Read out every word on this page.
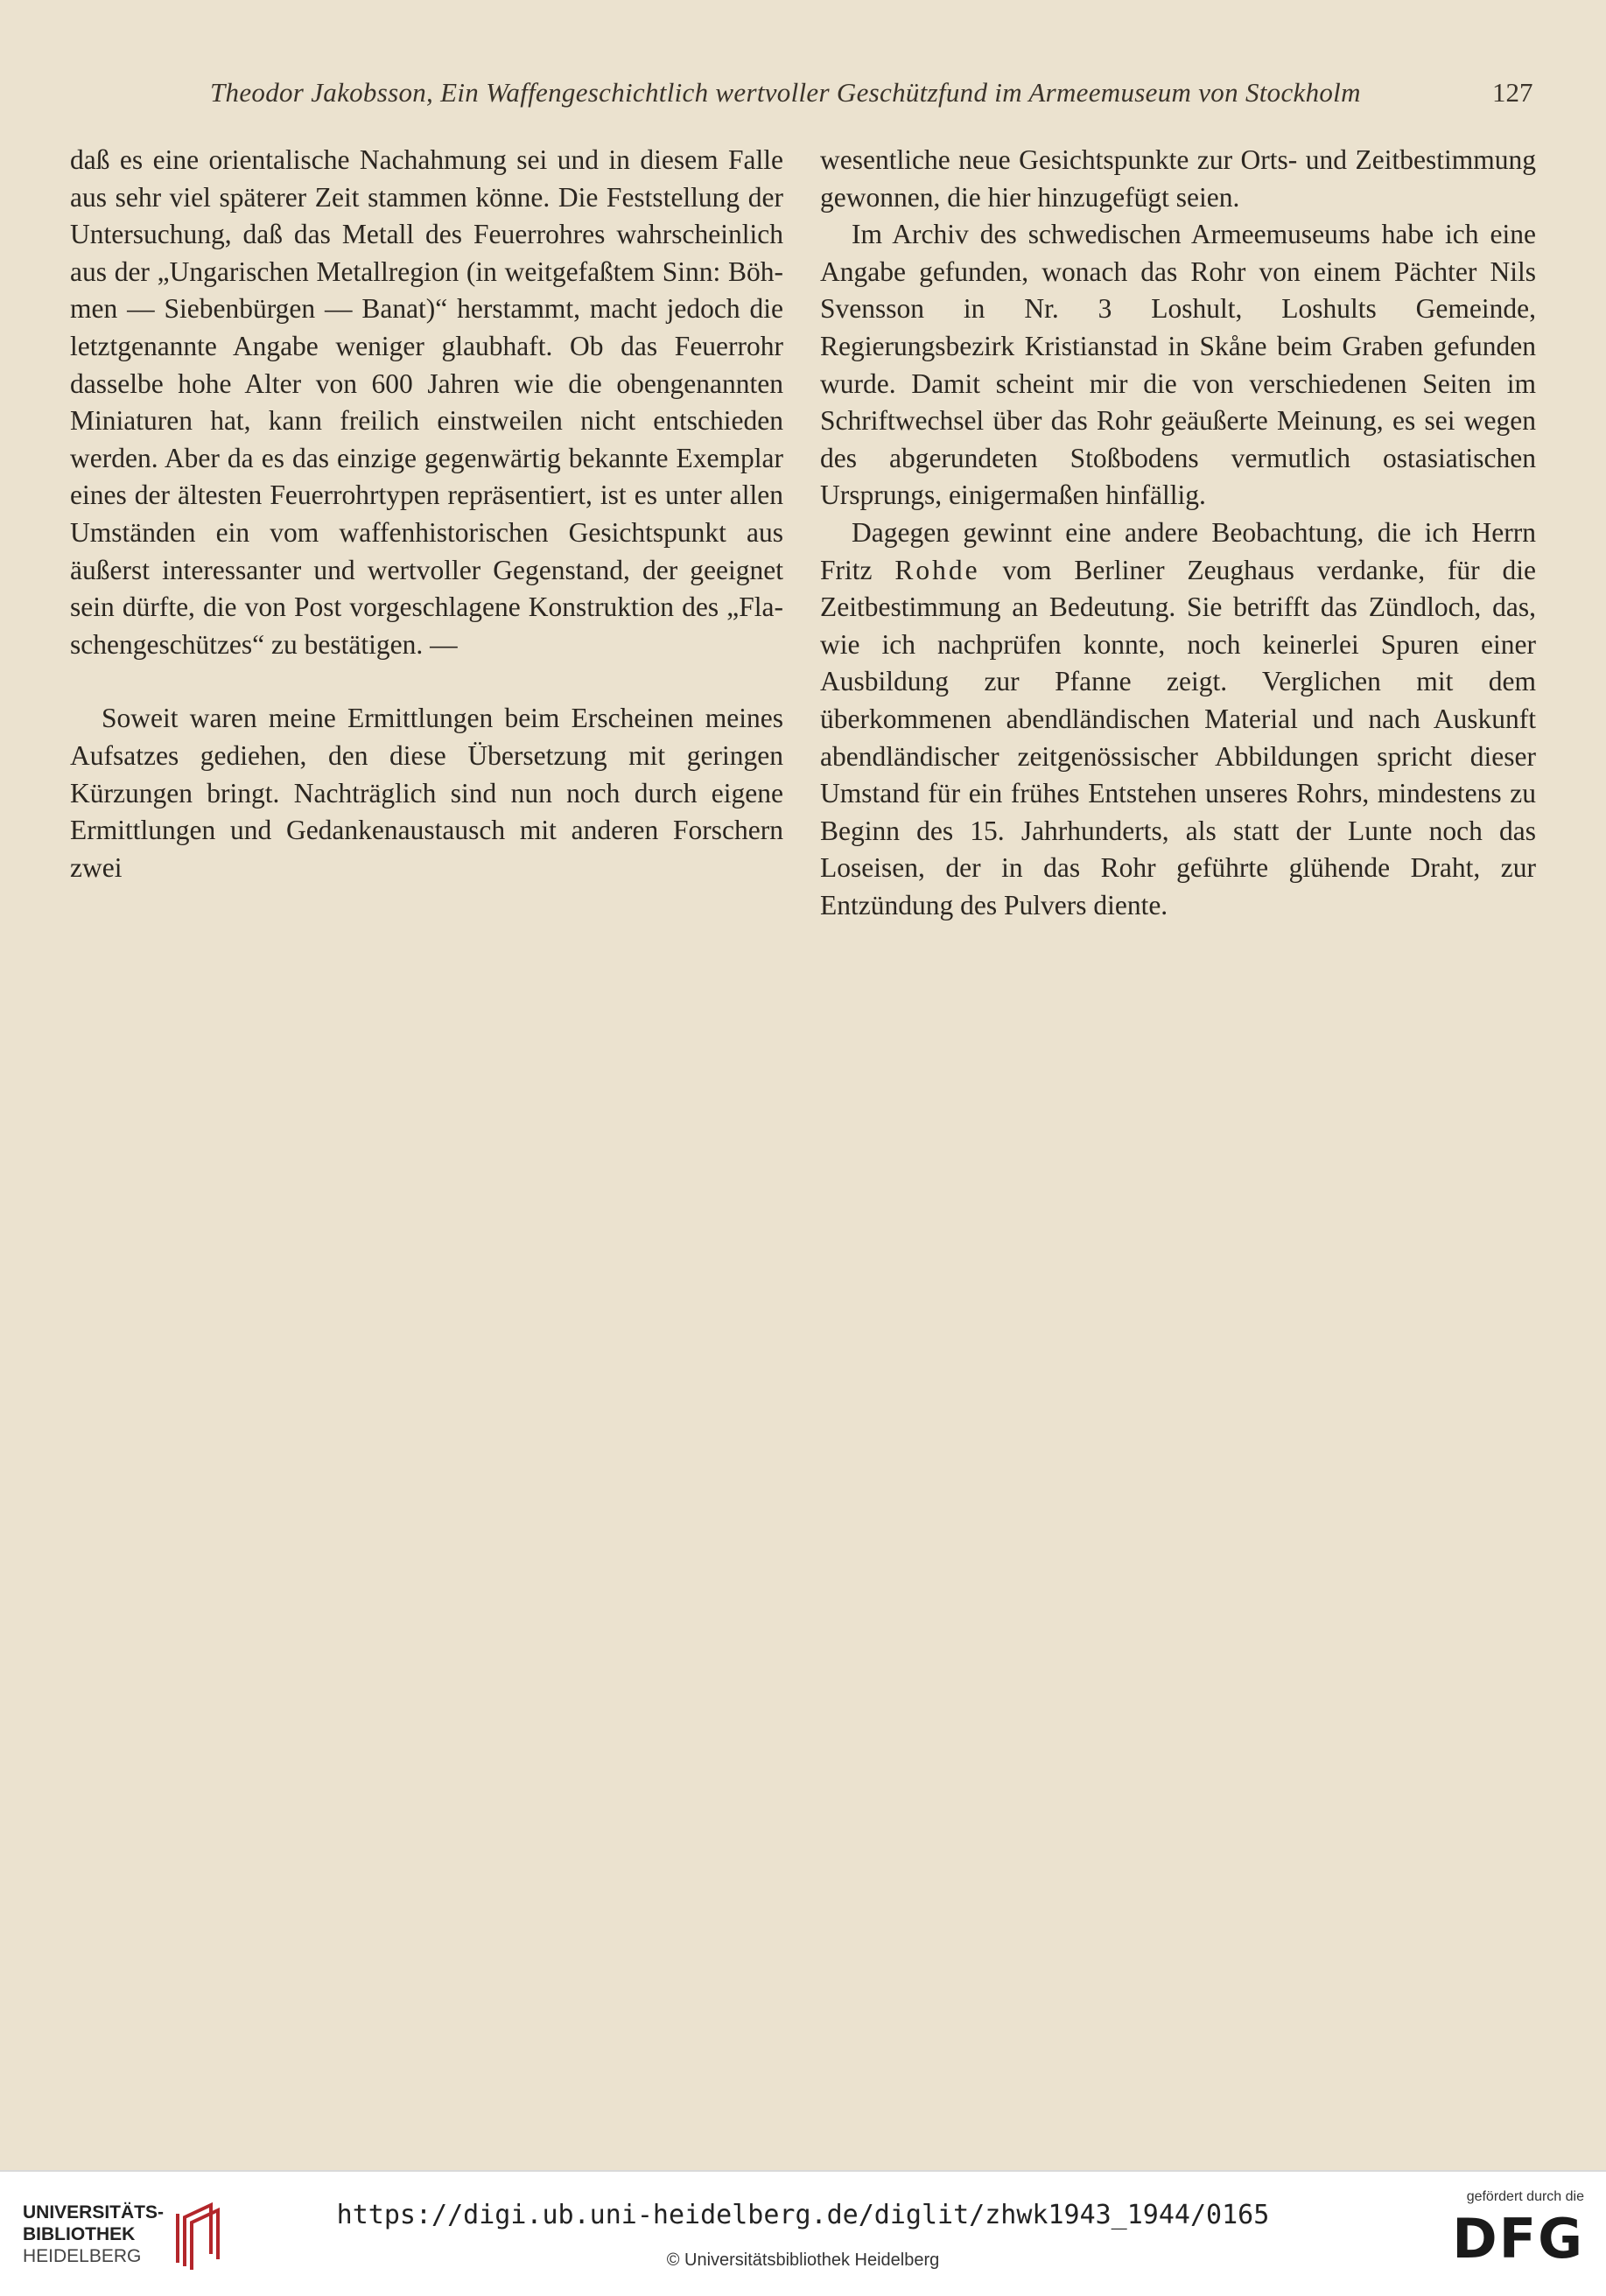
Theodor Jakobsson, Ein Waffengeschichtlich wertvoller Geschützfund im Armeemuseum von Stockholm	127

daß es eine orientalische Nachahmung sei und in diesem Falle aus sehr viel späterer Zeit stammen könne. Die Feststellung der Untersuchung, daß das Metall des Feuerrohres wahrscheinlich aus der „Ungarischen Metallregion (in weitgefaßtem Sinn: Böhmen — Siebenbürgen — Banat)“ herstammt, macht jedoch die letztgenannte Angabe weniger glaubhaft. Ob das Feuerrohr dasselbe hohe Alter von 600 Jahren wie die obengenannten Miniaturen hat, kann freilich einstweilen nicht entschieden werden. Aber da es das einzige gegenwärtig bekannte Exemplar eines der ältesten Feuerrohrtypen repräsentiert, ist es unter allen Umständen ein vom waffenhistorischen Gesichtspunkt aus äußerst interessanter und wertvoller Gegenstand, der geeignet sein dürfte, die von Post vorgeschlagene Konstruktion des „Flaschengeschützes“ zu bestätigen. —

Soweit waren meine Ermittlungen beim Erscheinen meines Aufsatzes gediehen, den diese Übersetzung mit geringen Kürzungen bringt. Nachträglich sind nun noch durch eigene Ermittlungen und Gedankenaustausch mit anderen Forschern zwei

wesentliche neue Gesichtspunkte zur Orts- und Zeitbestimmung gewonnen, die hier hinzugefügt seien.

Im Archiv des schwedischen Armeemuseums habe ich eine Angabe gefunden, wonach das Rohr von einem Pächter Nils Svensson in Nr. 3 Loshult, Loshults Gemeinde, Regierungsbezirk Kristianstad in Skåne beim Graben gefunden wurde. Damit scheint mir die von verschiedenen Seiten im Schriftwechsel über das Rohr geäußerte Meinung, es sei wegen des abgerundeten Stoßbodens vermutlich ostasiatischen Ursprungs, einigermaßen hinfällig.

Dagegen gewinnt eine andere Beobachtung, die ich Herrn Fritz Rohde vom Berliner Zeughaus verdanke, für die Zeitbestimmung an Bedeutung. Sie betrifft das Zündloch, das, wie ich nachprüfen konnte, noch keinerlei Spuren einer Ausbildung zur Pfanne zeigt. Verglichen mit dem überkommenen abendländischen Material und nach Auskunft abendländischer zeitgenössischer Abbildungen spricht dieser Umstand für ein frühes Entstehen unseres Rohrs, mindestens zu Beginn des 15. Jahrhunderts, als statt der Lunte noch das Loseisen, der in das Rohr geführte glühende Draht, zur Entzündung des Pulvers diente.

UNIVERSITÄTS-
BIBLIOTHEK
HEIDELBERG
https://digi.ub.uni-heidelberg.de/diglit/zhwk1943_1944/0165
© Universitätsbibliothek Heidelberg
gefördert durch die
DFG
